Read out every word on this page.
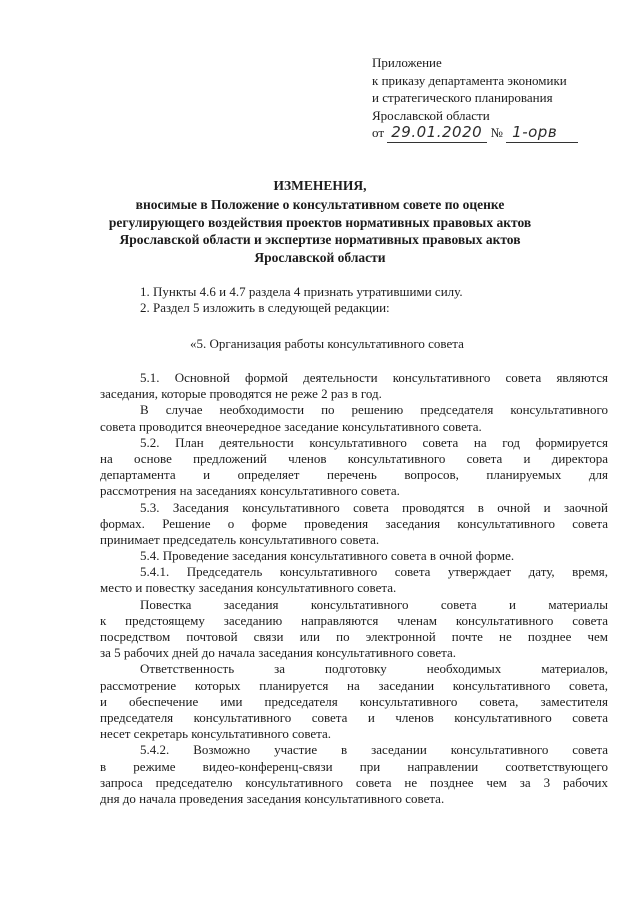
Приложение
к приказу департамента экономики
и стратегического планирования
Ярославской области
от 29.01.2020 № 1-орв
ИЗМЕНЕНИЯ,
вносимые в Положение о консультативном совете по оценке
регулирующего воздействия проектов нормативных правовых актов
Ярославской области и экспертизе нормативных правовых актов
Ярославской области
1. Пункты 4.6 и 4.7 раздела 4 признать утратившими силу.
2. Раздел 5 изложить в следующей редакции:
«5. Организация работы консультативного совета
5.1. Основной формой деятельности консультативного совета являются
заседания, которые проводятся не реже 2 раз в год.
В случае необходимости по решению председателя консультативного
совета проводится внеочередное заседание консультативного совета.
5.2. План деятельности консультативного совета на год формируется
на основе предложений членов консультативного совета и директора
департамента и определяет перечень вопросов, планируемых для
рассмотрения на заседаниях консультативного совета.
5.3. Заседания консультативного совета проводятся в очной и заочной
формах. Решение о форме проведения заседания консультативного совета
принимает председатель консультативного совета.
5.4. Проведение заседания консультативного совета в очной форме.
5.4.1. Председатель консультативного совета утверждает дату, время,
место и повестку заседания консультативного совета.
Повестка заседания консультативного совета и материалы
к предстоящему заседанию направляются членам консультативного совета
посредством почтовой связи или по электронной почте не позднее чем
за 5 рабочих дней до начала заседания консультативного совета.
Ответственность за подготовку необходимых материалов,
рассмотрение которых планируется на заседании консультативного совета,
и обеспечение ими председателя консультативного совета, заместителя
председателя консультативного совета и членов консультативного совета
несет секретарь консультативного совета.
5.4.2. Возможно участие в заседании консультативного совета
в режиме видео-конференц-связи при направлении соответствующего
запроса председателю консультативного совета не позднее чем за 3 рабочих
дня до начала проведения заседания консультативного совета.
